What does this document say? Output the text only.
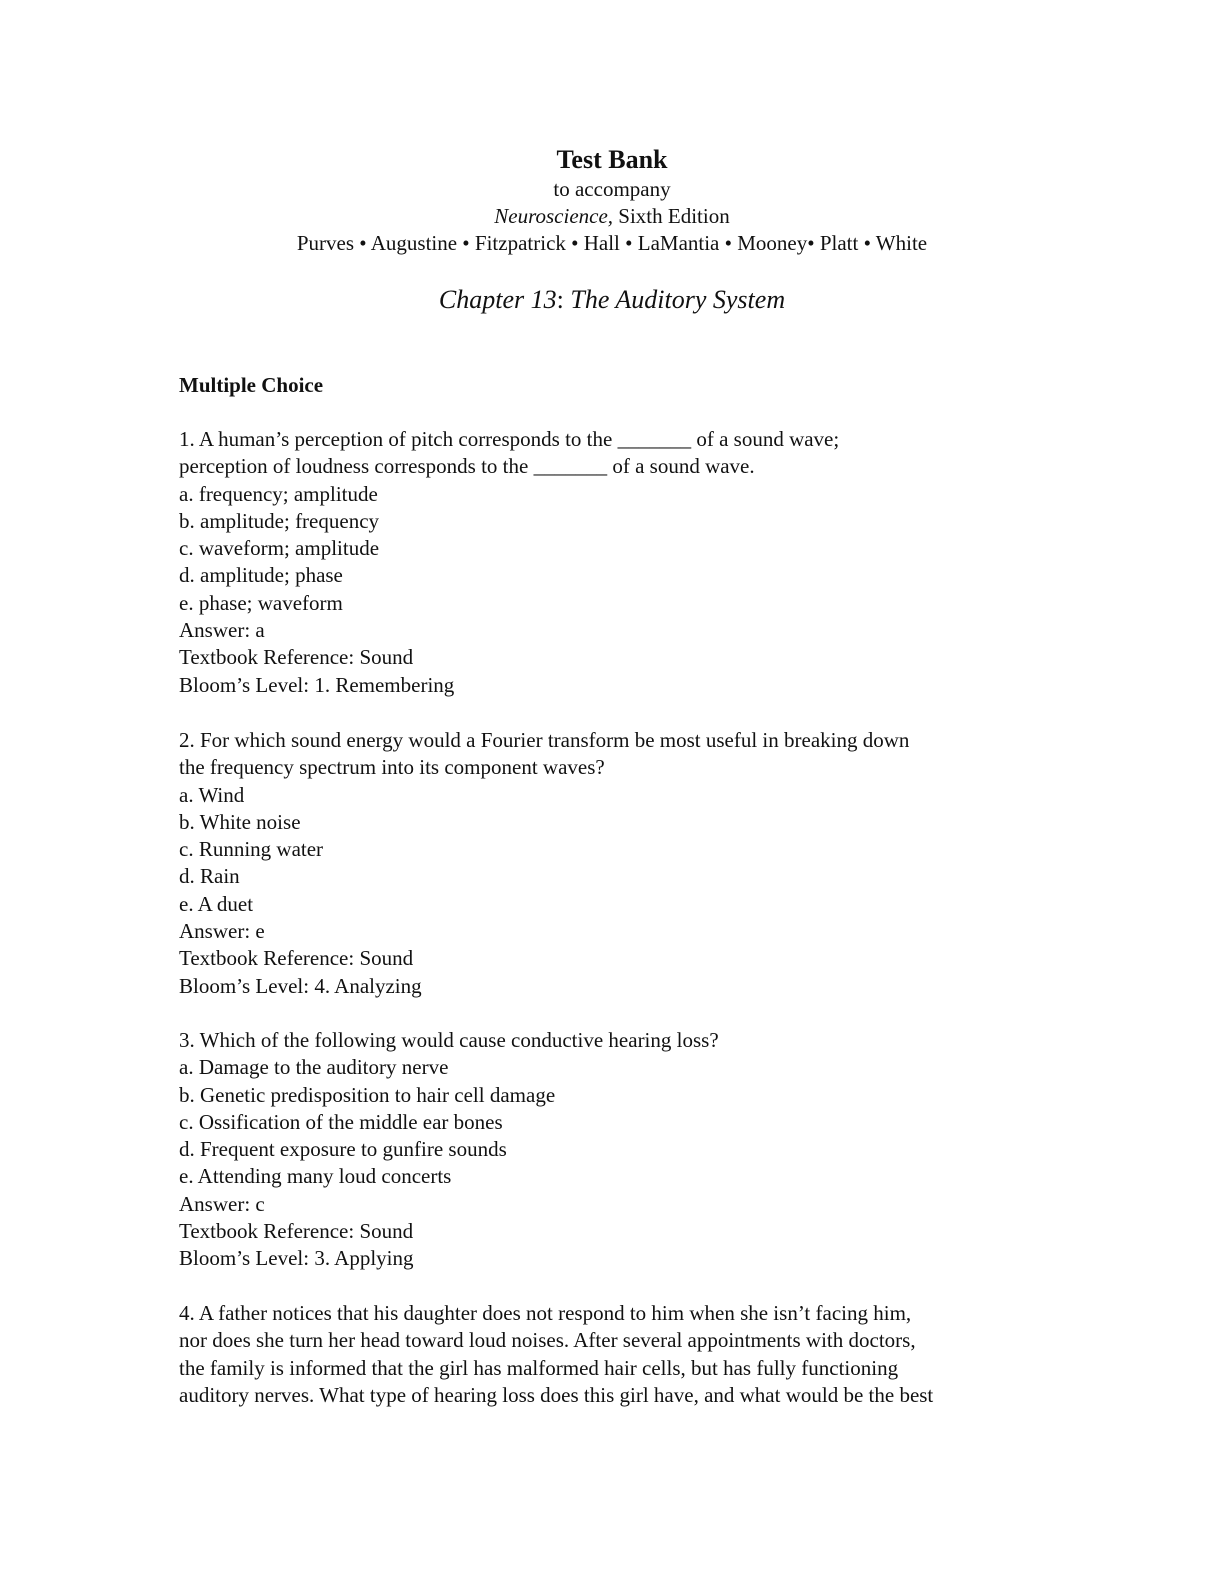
Test Bank
to accompany
Neuroscience, Sixth Edition
Purves • Augustine • Fitzpatrick • Hall • LaMantia • Mooney• Platt • White
Chapter 13: The Auditory System
Multiple Choice
1. A human’s perception of pitch corresponds to the _______ of a sound wave;
perception of loudness corresponds to the _______ of a sound wave.
a. frequency; amplitude
b. amplitude; frequency
c. waveform; amplitude
d. amplitude; phase
e. phase; waveform
Answer: a
Textbook Reference: Sound
Bloom’s Level: 1. Remembering
2. For which sound energy would a Fourier transform be most useful in breaking down
the frequency spectrum into its component waves?
a. Wind
b. White noise
c. Running water
d. Rain
e. A duet
Answer: e
Textbook Reference: Sound
Bloom’s Level: 4. Analyzing
3. Which of the following would cause conductive hearing loss?
a. Damage to the auditory nerve
b. Genetic predisposition to hair cell damage
c. Ossification of the middle ear bones
d. Frequent exposure to gunfire sounds
e. Attending many loud concerts
Answer: c
Textbook Reference: Sound
Bloom’s Level: 3. Applying
4. A father notices that his daughter does not respond to him when she isn’t facing him,
nor does she turn her head toward loud noises. After several appointments with doctors,
the family is informed that the girl has malformed hair cells, but has fully functioning
auditory nerves. What type of hearing loss does this girl have, and what would be the best
